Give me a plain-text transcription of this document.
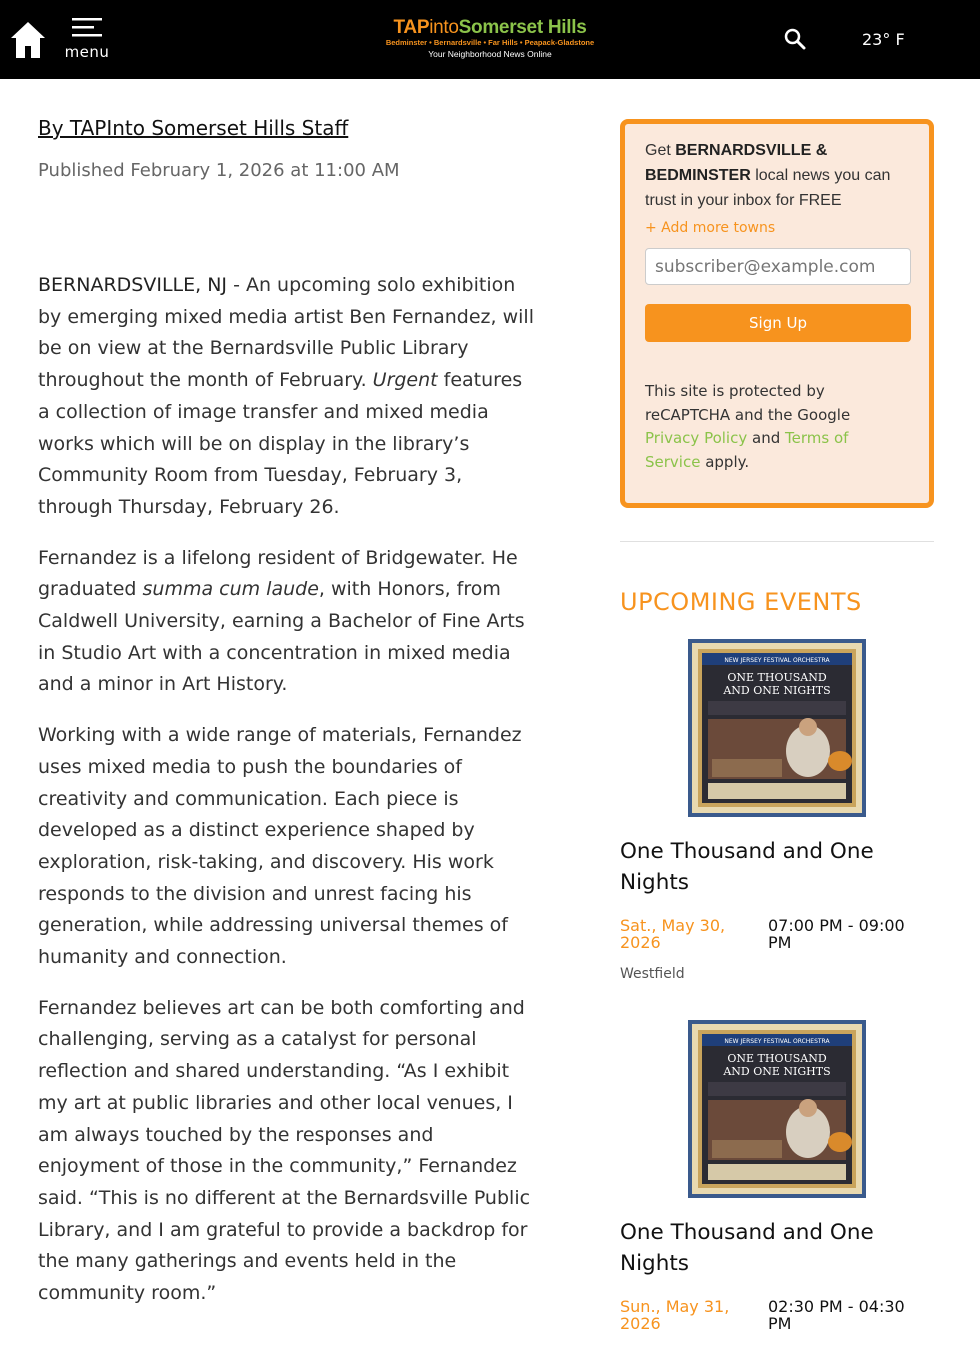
menu
TAPintoSomerset Hills
Bedminster • Bernardsville • Far Hills • Peapack-Gladstone
Your Neighborhood News Online
23° F
By TAPInto Somerset Hills Staff
Published February 1, 2026 at 11:00 AM

BERNARDSVILLE, NJ - An upcoming solo exhibition by emerging mixed media artist Ben Fernandez, will be on view at the Bernardsville Public Library throughout the month of February. Urgent features a collection of image transfer and mixed media works which will be on display in the library’s Community Room from Tuesday, February 3, through Thursday, February 26.

Fernandez is a lifelong resident of Bridgewater. He graduated summa cum laude, with Honors, from Caldwell University, earning a Bachelor of Fine Arts in Studio Art with a concentration in mixed media and a minor in Art History.

Working with a wide range of materials, Fernandez uses mixed media to push the boundaries of creativity and communication. Each piece is developed as a distinct experience shaped by exploration, risk-taking, and discovery. His work responds to the division and unrest facing his generation, while addressing universal themes of humanity and connection.

Fernandez believes art can be both comforting and challenging, serving as a catalyst for personal reflection and shared understanding. “As I exhibit my art at public libraries and other local venues, I am always touched by the responses and enjoyment of those in the community,” Fernandez said. “This is no different at the Bernardsville Public Library, and I am grateful to provide a backdrop for the many gatherings and events held in the community room.”

Get BERNARDSVILLE & BEDMINSTER local news you can trust in your inbox for FREE
+ Add more towns
subscriber@example.com
Sign Up
This site is protected by reCAPTCHA and the Google Privacy Policy and Terms of Service apply.
UPCOMING EVENTS
NEW JERSEY FESTIVAL ORCHESTRA
ONE THOUSAND
AND ONE NIGHTS
One Thousand and One Nights
Sat., May 30, 2026
07:00 PM - 09:00 PM
Westfield
NEW JERSEY FESTIVAL ORCHESTRA
ONE THOUSAND
AND ONE NIGHTS
One Thousand and One Nights
Sun., May 31, 2026
02:30 PM - 04:30 PM
